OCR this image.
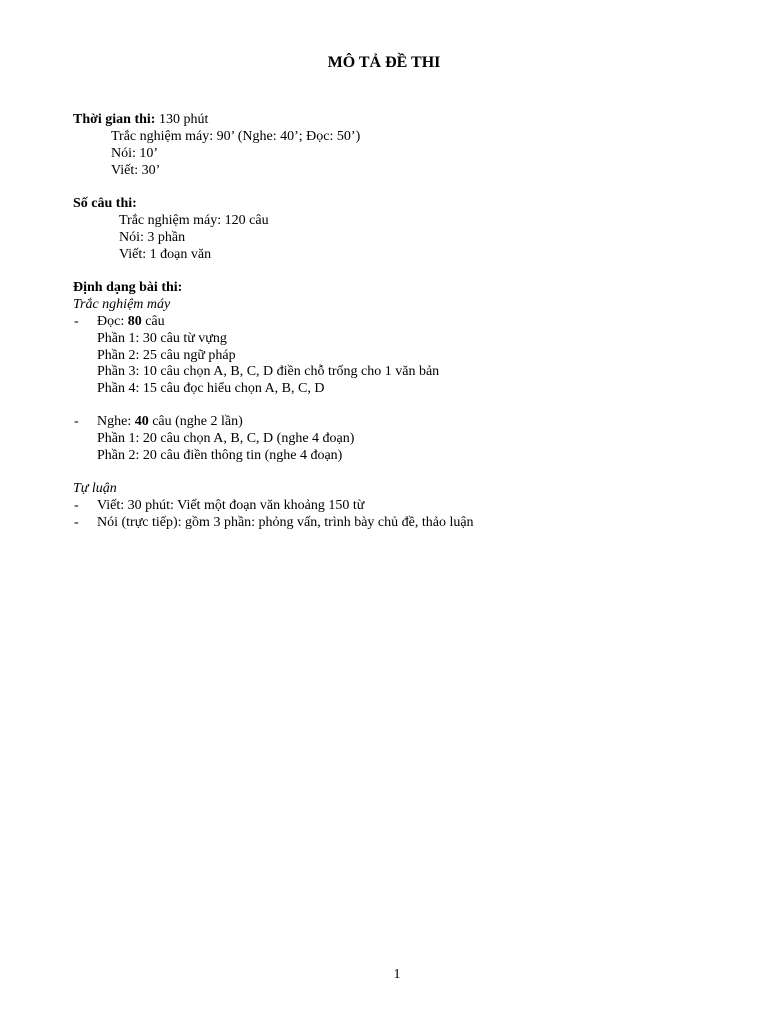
MÔ TẢ ĐỀ THI
Thời gian thi: 130 phút
Trắc nghiệm máy: 90’ (Nghe: 40’; Đọc: 50’)
Nói: 10’
Viết: 30’
Số câu thi:
Trắc nghiệm máy: 120 câu
Nói: 3 phần
Viết: 1 đoạn văn
Định dạng bài thi:
Trắc nghiệm máy
- Đọc: 80 câu
Phần 1: 30 câu từ vựng
Phần 2: 25 câu ngữ pháp
Phần 3: 10 câu chọn A, B, C, D điền chỗ trống cho 1 văn bản
Phần 4: 15 câu đọc hiểu chọn A, B, C, D
- Nghe: 40 câu (nghe 2 lần)
Phần 1: 20 câu chọn A, B, C, D (nghe 4 đoạn)
Phần 2: 20 câu điền thông tin (nghe 4 đoạn)
Tự luận
- Viết: 30 phút: Viết một đoạn văn khoảng 150 từ
- Nói (trực tiếp): gồm 3 phần: phỏng vấn, trình bày chủ đề, thảo luận
1
